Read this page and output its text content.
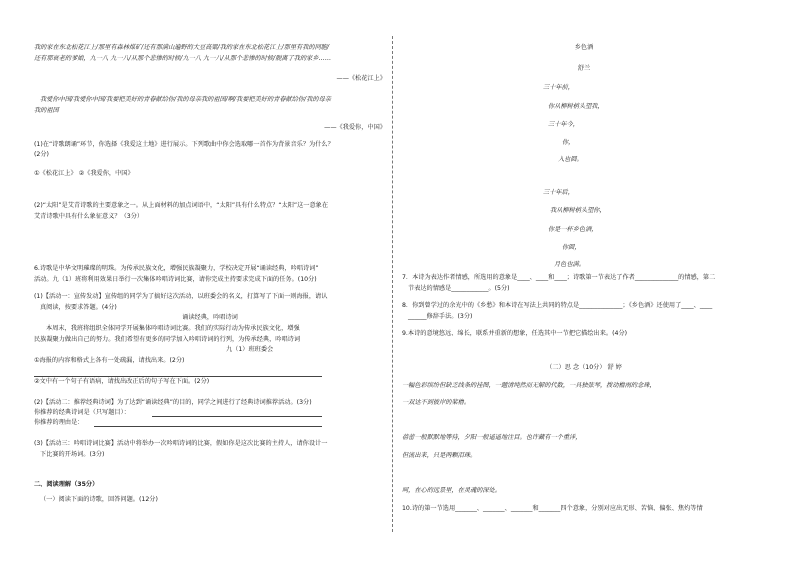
我的家在东北松花江上/那里有森林煤矿/还有那满山遍野的大豆高粱/我的家在东北松花江上/那里有我的同胞/
还有那衰老的爹娘，九一八 九一八/从那个悲惨的时候/九一八 九一八/从那个悲惨的时候/脱离了我的家乡……
——《松花江上》
我爱你中国/我爱你中国/我要把美好的青春献给你/我的母亲我的祖国/啊/我要把美好的青春献给你/我的母亲
我的祖国
——《我爱你，中国》
(1)在“诗歌朗诵”环节，你选择《我爱这土地》进行展示。下列歌曲中你会选取哪一首作为背景音乐？为什么？
(2分)
①《松花江上》 ②《我爱你，中国》
(2)“太阳”是艾青诗歌的主要意象之一。从上面材料的加点词语中，“太阳”具有什么特点？“太阳”这一意象在
艾青诗歌中具有什么象征意义？（3分）
6.诗歌是中华文明璀璨的明珠。为传承民族文化，增强民族凝聚力，学校决定开展“诵读经典，吟唱诗词”
活动。九（1）班将利用效果日举行一次集体吟唱诗词比赛，请你完成主持要求完成下面的任务。(10分)
(1)【活动一：宣传发动】宣传组的同学为了搞好这次活动，以班委会的名义，打算写了下面一则海报，请认
真阅读，按要求答题。(4分)
诵读经典，吟唱诗词
本周末，我班将组织全体同学开展集体吟唱诗词比赛。我们的实际行动为传承民族文化，增强
民族凝聚力做出自己的努力。我们希望有更多的同学加入吟唱诗词的行列，为传承经典，吟唱诗词
九（1）班班委会
①海报的内容和格式上各有一处疏漏，请找出来。(2分)
②文中有一个句子有语病，请找出改正后的句子写在下面。(2分)
(2)【活动二：推荐经典诗词】为了达到“诵读经典”的目的，同学之间进行了经典诗词推荐活动。(3分)
你推荐的经典诗词是（只写题目）：
你推荐的理由是：
(3)【活动三：吟唱诗词比赛】活动中将举办一次吟唱诗词的比赛，假如你是这次比赛的主持人，请你设计一
下比赛的开场词。(3分)
二、阅读理解（35分）
（一）阅读下面的诗歌，回答问题。(12分)
乡色酒
舒兰
三十年前，
你从柳树梢头望我，
三十年今，
你，
入也圆。
三十年后，
我从柳树梢头望你，
你是一杯乡色酒，
你圆，
月色也满。
7．本诗为表达作者情感，所选用的意象是____、____和____；诗歌第一节表达了作者______________的情感，第二
节表达的情感是____________。(5分)
8．你到曾学过的余光中的《乡愁》和本诗在写法上共同的特点是______________；《乡色酒》还使用了____、____
______修辞手法。(3分)
9.本诗的意境悠远、绵长，联系并重新的想象，任选其中一节把它描绘出来。(4分)
（二）思 念（10分） 舒 婷
一幅色彩缤纷但缺乏线条的挂图，一题清纯然而无解的代数，一具独弦琴，拨动檐雨的念珠，
一双达不到彼岸的桨橹。
蓓蕾一般默默地等待，夕阳一般遥遥地注目。也许藏有一个重洋，
但流出来，只是两颗泪珠。
呵，在心的远景里，在灵魂的深处。
10.诗的第一节选用_______、_______、_______和_______四个意象，分别对应出无形、苦恼、偏张、焦灼等情
